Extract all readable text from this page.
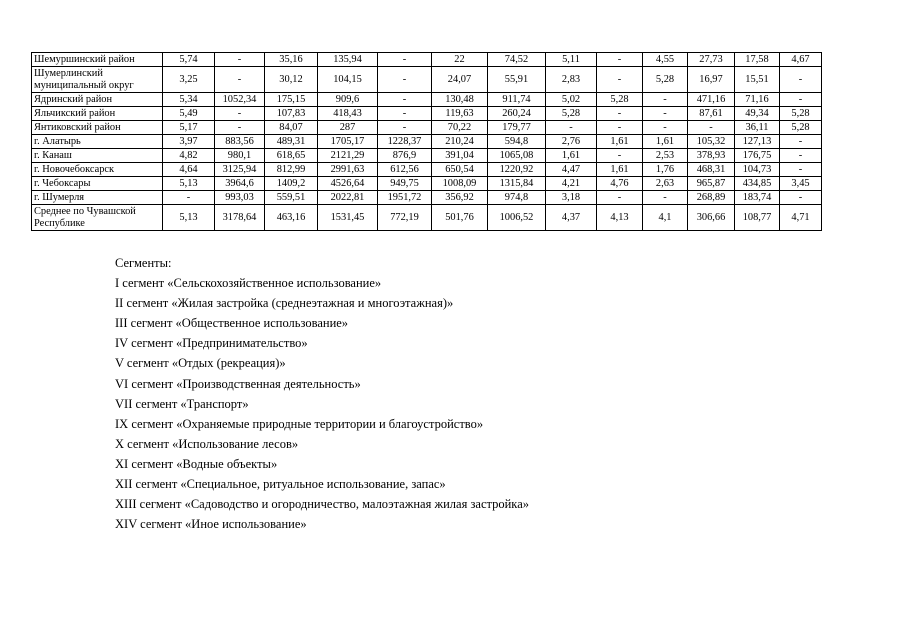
Шемуршинский район	5,74	-	35,16	135,94	-	22	74,52	5,11	-	4,55	27,73	17,58	4,67
Шумерлинский муниципальный округ	3,25	-	30,12	104,15	-	24,07	55,91	2,83	-	5,28	16,97	15,51	-
Ядринский район	5,34	1052,34	175,15	909,6	-	130,48	911,74	5,02	5,28	-	471,16	71,16	-
Яльчикский район	5,49	-	107,83	418,43	-	119,63	260,24	5,28	-	-	87,61	49,34	5,28
Янтиковский район	5,17	-	84,07	287	-	70,22	179,77	-	-	-	-	36,11	5,28
г. Алатырь	3,97	883,56	489,31	1705,17	1228,37	210,24	594,8	2,76	1,61	1,61	105,32	127,13	-
г. Канаш	4,82	980,1	618,65	2121,29	876,9	391,04	1065,08	1,61	-	2,53	378,93	176,75	-
г. Новочебоксарск	4,64	3125,94	812,99	2991,63	612,56	650,54	1220,92	4,47	1,61	1,76	468,31	104,73	-
г. Чебоксары	5,13	3964,6	1409,2	4526,64	949,75	1008,09	1315,84	4,21	4,76	2,63	965,87	434,85	3,45
г. Шумерля	-	993,03	559,51	2022,81	1951,72	356,92	974,8	3,18	-	-	268,89	183,74	-
Среднее по Чувашской Республике	5,13	3178,64	463,16	1531,45	772,19	501,76	1006,52	4,37	4,13	4,1	306,66	108,77	4,71
Сегменты:
I сегмент «Сельскохозяйственное использование»
II сегмент «Жилая застройка (среднеэтажная и многоэтажная)»
III сегмент «Общественное использование»
IV сегмент «Предпринимательство»
V сегмент «Отдых (рекреация)»
VI сегмент «Производственная деятельность»
VII сегмент «Транспорт»
IX сегмент «Охраняемые природные территории и благоустройство»
X сегмент «Использование лесов»
XI сегмент «Водные объекты»
XII сегмент «Специальное, ритуальное использование, запас»
XIII сегмент «Садоводство и огородничество, малоэтажная жилая застройка»
XIV сегмент «Иное использование»
